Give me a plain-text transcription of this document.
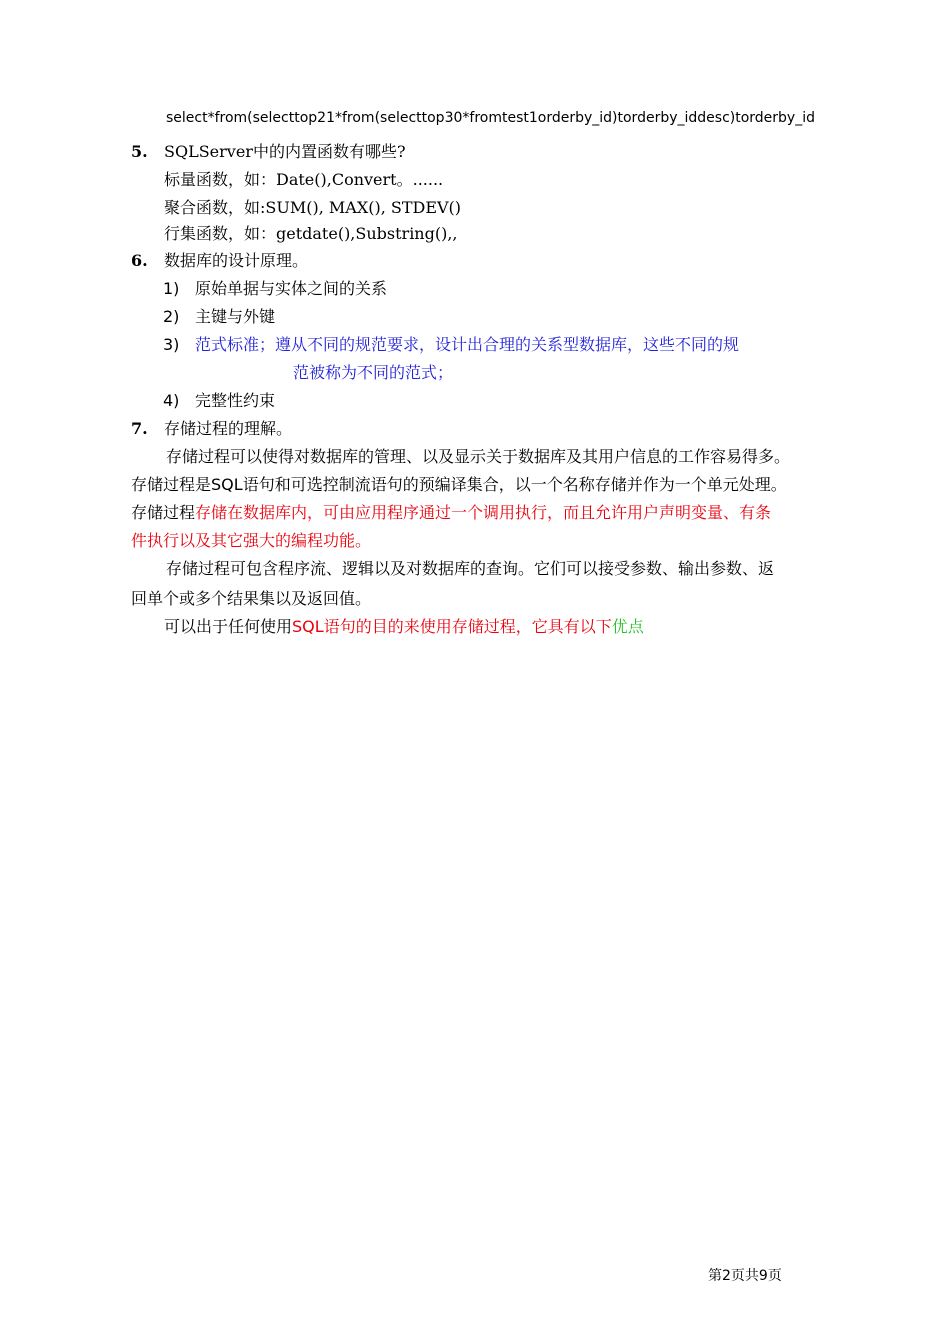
select*from(selecttop21*from(selecttop30*fromtest1orderby_id)torderby_iddesc)torderby_id
5. SQLServer中的内置函数有哪些?
标量函数，如：Date(),Convert。......
聚合函数，如:SUM(), MAX(), STDEV()
行集函数，如：getdate(),Substring(),,
6. 数据库的设计原理。
1) 原始单据与实体之间的关系
2) 主键与外键
3) 范式标准；遵从不同的规范要求，设计出合理的关系型数据库，这些不同的规
范被称为不同的范式；
4) 完整性约束
7. 存储过程的理解。
存储过程可以使得对数据库的管理、以及显示关于数据库及其用户信息的工作容易得多。
存储过程是SQL语句和可选控制流语句的预编译集合，以一个名称存储并作为一个单元处理。
存储过程存储在数据库内，可由应用程序通过一个调用执行，而且允许用户声明变量、有条
件执行以及其它强大的编程功能。
存储过程可包含程序流、逻辑以及对数据库的查询。它们可以接受参数、输出参数、返
回单个或多个结果集以及返回值。
可以出于任何使用SQL语句的目的来使用存储过程，它具有以下优点
第2页共9页
